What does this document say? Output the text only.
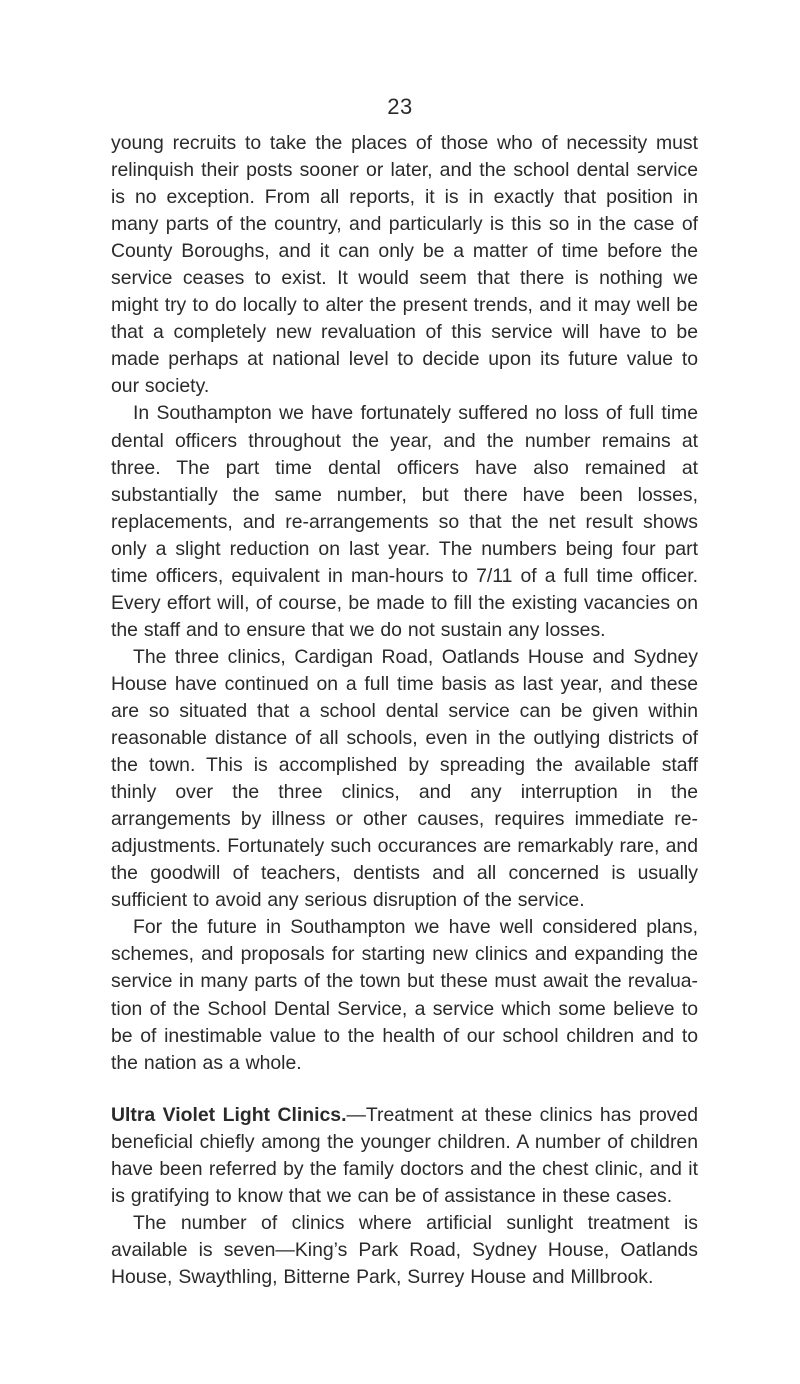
23

young recruits to take the places of those who of necessity must relinquish their posts sooner or later, and the school dental service is no exception. From all reports, it is in exactly that position in many parts of the country, and particularly is this so in the case of County Boroughs, and it can only be a matter of time before the service ceases to exist. It would seem that there is nothing we might try to do locally to alter the present trends, and it may well be that a completely new revaluation of this service will have to be made perhaps at national level to decide upon its future value to our society.

In Southampton we have fortunately suffered no loss of full time dental officers throughout the year, and the number remains at three. The part time dental officers have also remained at substantially the same number, but there have been losses, replacements, and re-arrangements so that the net result shows only a slight reduction on last year. The numbers being four part time officers, equivalent in man-hours to 7/11 of a full time officer. Every effort will, of course, be made to fill the existing vacancies on the staff and to ensure that we do not sustain any losses.

The three clinics, Cardigan Road, Oatlands House and Sydney House have continued on a full time basis as last year, and these are so situated that a school dental service can be given within reasonable distance of all schools, even in the outlying districts of the town. This is accomplished by spreading the available staff thinly over the three clinics, and any interruption in the arrangements by illness or other causes, requires immediate re-adjustments. Fortunately such occurances are remarkably rare, and the goodwill of teachers, dentists and all concerned is usually sufficient to avoid any serious disruption of the service.

For the future in Southampton we have well considered plans, schemes, and proposals for starting new clinics and expanding the service in many parts of the town but these must await the revaluation of the School Dental Service, a service which some believe to be of inestimable value to the health of our school children and to the nation as a whole.

Ultra Violet Light Clinics.—Treatment at these clinics has proved beneficial chiefly among the younger children. A number of children have been referred by the family doctors and the chest clinic, and it is gratifying to know that we can be of assistance in these cases.

The number of clinics where artificial sunlight treatment is available is seven—King’s Park Road, Sydney House, Oatlands House, Swaythling, Bitterne Park, Surrey House and Millbrook.
